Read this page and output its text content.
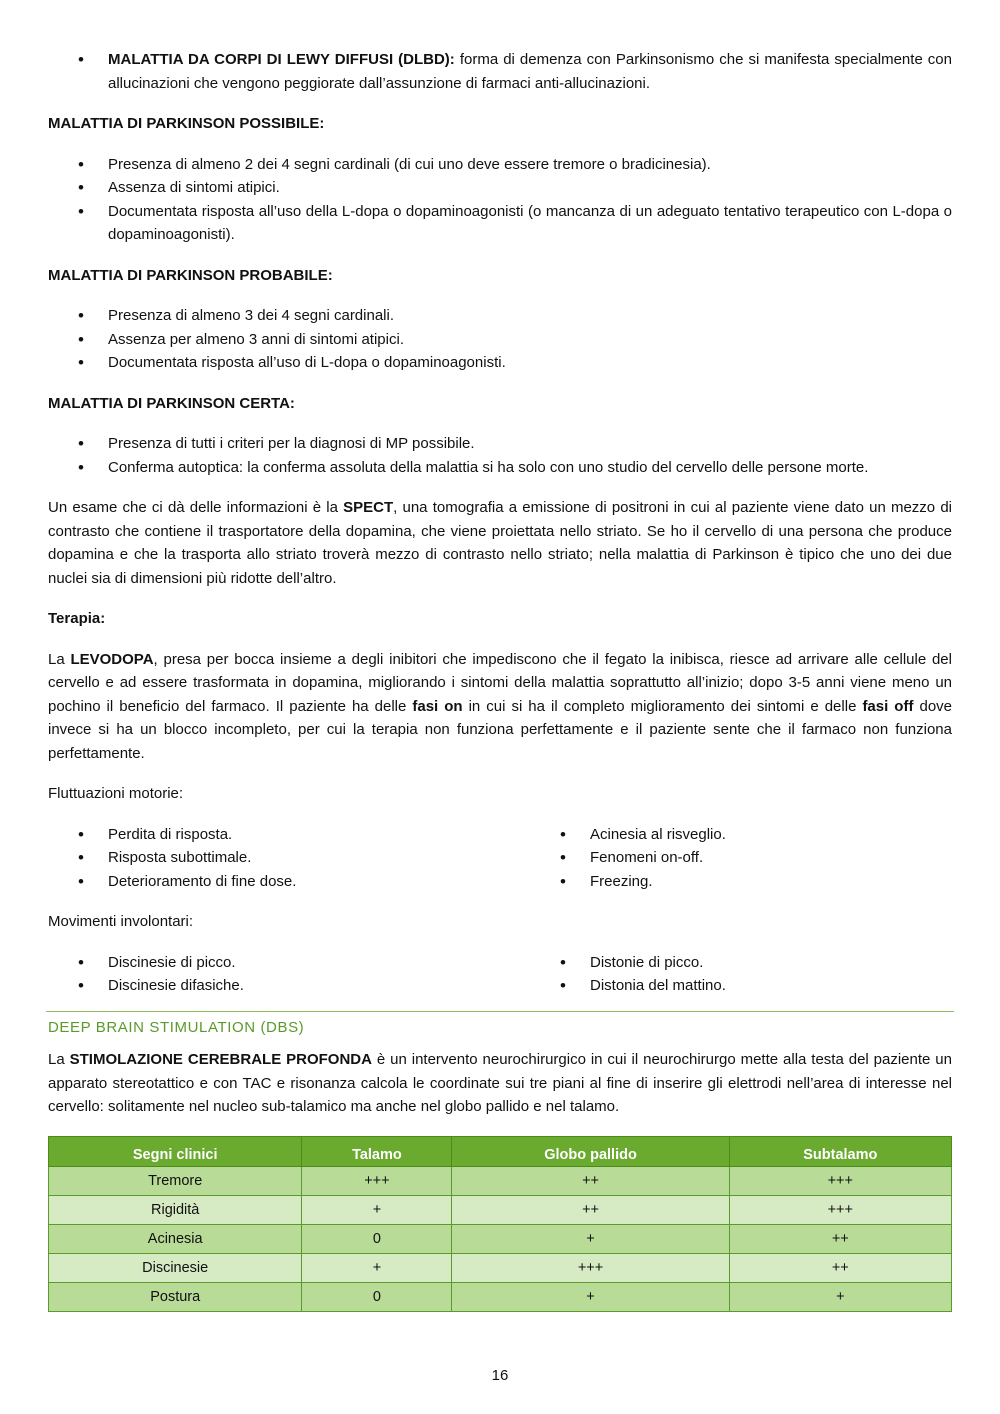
• MALATTIA DA CORPI DI LEWY DIFFUSI (DLBD): forma di demenza con Parkinsonismo che si manifesta specialmente con allucinazioni che vengono peggiorate dall’assunzione di farmaci anti-allucinazioni.
MALATTIA DI PARKINSON POSSIBILE:
• Presenza di almeno 2 dei 4 segni cardinali (di cui uno deve essere tremore o bradicinesia).
• Assenza di sintomi atipici.
• Documentata risposta all’uso della L-dopa o dopaminoagonisti (o mancanza di un adeguato tentativo terapeutico con L-dopa o dopaminoagonisti).
MALATTIA DI PARKINSON PROBABILE:
• Presenza di almeno 3 dei 4 segni cardinali.
• Assenza per almeno 3 anni di sintomi atipici.
• Documentata risposta all’uso di L-dopa o dopaminoagonisti.
MALATTIA DI PARKINSON CERTA:
• Presenza di tutti i criteri per la diagnosi di MP possibile.
• Conferma autoptica: la conferma assoluta della malattia si ha solo con uno studio del cervello delle persone morte.

Un esame che ci dà delle informazioni è la SPECT, una tomografia a emissione di positroni in cui al paziente viene dato un mezzo di contrasto che contiene il trasportatore della dopamina, che viene proiettata nello striato. Se ho il cervello di una persona che produce dopamina e che la trasporta allo striato troverà mezzo di contrasto nello striato; nella malattia di Parkinson è tipico che uno dei due nuclei sia di dimensioni più ridotte dell’altro.

Terapia:

La LEVODOPA, presa per bocca insieme a degli inibitori che impediscono che il fegato la inibisca, riesce ad arrivare alle cellule del cervello e ad essere trasformata in dopamina, migliorando i sintomi della malattia soprattutto all’inizio; dopo 3-5 anni viene meno un pochino il beneficio del farmaco. Il paziente ha delle fasi on in cui si ha il completo miglioramento dei sintomi e delle fasi off dove invece si ha un blocco incompleto, per cui la terapia non funziona perfettamente e il paziente sente che il farmaco non funziona perfettamente.

Fluttuazioni motorie:
• Perdita di risposta.
• Risposta subottimale.
• Deterioramento di fine dose.
• Acinesia al risveglio.
• Fenomeni on-off.
• Freezing.
Movimenti involontari:
• Discinesie di picco.
• Discinesie difasiche.
• Distonie di picco.
• Distonia del mattino.
DEEP BRAIN STIMULATION (DBS)

La STIMOLAZIONE CEREBRALE PROFONDA è un intervento neurochirurgico in cui il neurochirurgo mette alla testa del paziente un apparato stereotattico e con TAC e risonanza calcola le coordinate sui tre piani al fine di inserire gli elettrodi nell’area di interesse nel cervello: solitamente nel nucleo sub-talamico ma anche nel globo pallido e nel talamo.

Segni clinici	Talamo	Globo pallido	Subtalamo
Tremore	+++	++	+++
Rigidità	+	++	+++
Acinesia	0	+	++
Discinesie	+	+++	++
Postura	0	+	+
16
